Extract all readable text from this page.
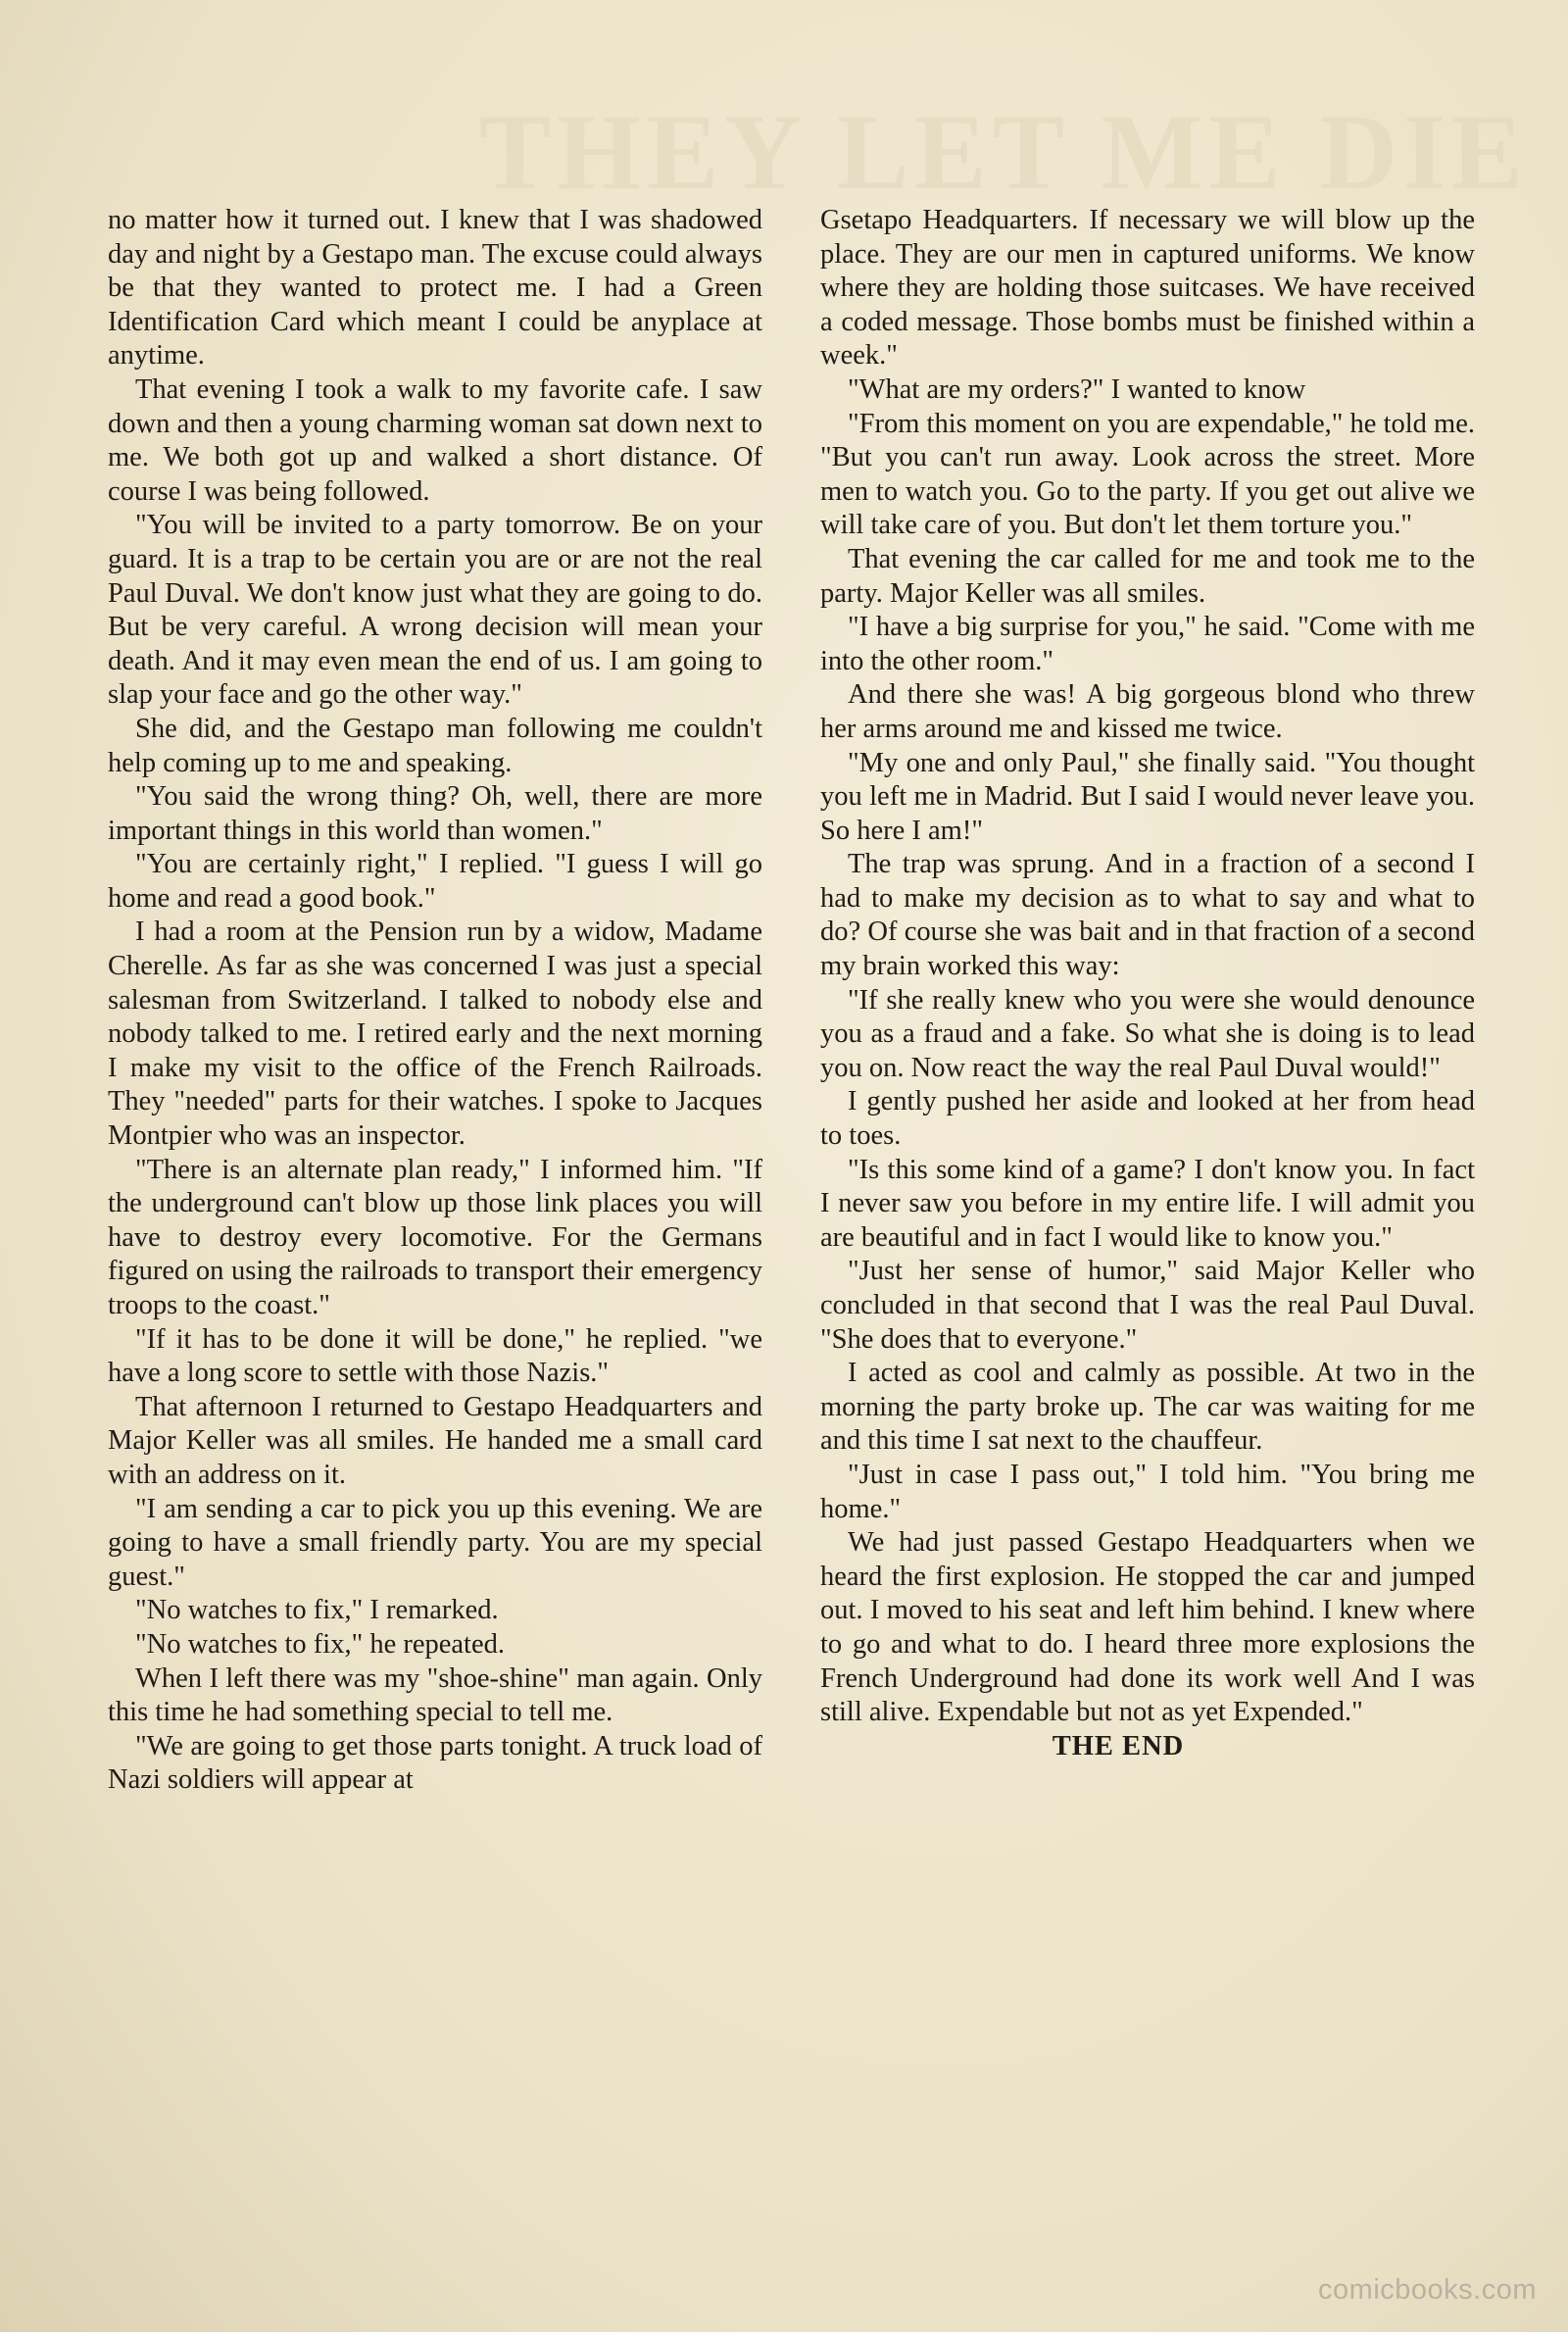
THEY LET ME DIE

no matter how it turned out. I knew that I was shadowed day and night by a Gestapo man. The excuse could always be that they wanted to protect me. I had a Green Identification Card which meant I could be anyplace at anytime.

That evening I took a walk to my favorite cafe. I saw down and then a young charming woman sat down next to me. We both got up and walked a short distance. Of course I was being followed.

"You will be invited to a party tomorrow. Be on your guard. It is a trap to be certain you are or are not the real Paul Duval. We don't know just what they are going to do. But be very careful. A wrong decision will mean your death. And it may even mean the end of us. I am going to slap your face and go the other way."

She did, and the Gestapo man following me couldn't help coming up to me and speaking.

"You said the wrong thing? Oh, well, there are more important things in this world than women."

"You are certainly right," I replied. "I guess I will go home and read a good book."

I had a room at the Pension run by a widow, Madame Cherelle. As far as she was concerned I was just a special salesman from Switzerland. I talked to nobody else and nobody talked to me. I retired early and the next morning I make my visit to the office of the French Railroads. They "needed" parts for their watches. I spoke to Jacques Montpier who was an inspector.

"There is an alternate plan ready," I informed him. "If the underground can't blow up those link places you will have to destroy every locomotive. For the Germans figured on using the railroads to transport their emergency troops to the coast."

"If it has to be done it will be done," he replied. "we have a long score to settle with those Nazis."

That afternoon I returned to Gestapo Headquarters and Major Keller was all smiles. He handed me a small card with an address on it.

"I am sending a car to pick you up this evening. We are going to have a small friendly party. You are my special guest."

"No watches to fix," I remarked.

"No watches to fix," he repeated.

When I left there was my "shoe-shine" man again. Only this time he had something special to tell me.

"We are going to get those parts tonight. A truck load of Nazi soldiers will appear at

Gsetapo Headquarters. If necessary we will blow up the place. They are our men in captured uniforms. We know where they are holding those suitcases. We have received a coded message. Those bombs must be finished within a week."

"What are my orders?" I wanted to know

"From this moment on you are expendable," he told me. "But you can't run away. Look across the street. More men to watch you. Go to the party. If you get out alive we will take care of you. But don't let them torture you."

That evening the car called for me and took me to the party. Major Keller was all smiles.

"I have a big surprise for you," he said. "Come with me into the other room."

And there she was! A big gorgeous blond who threw her arms around me and kissed me twice.

"My one and only Paul," she finally said. "You thought you left me in Madrid. But I said I would never leave you. So here I am!"

The trap was sprung. And in a fraction of a second I had to make my decision as to what to say and what to do? Of course she was bait and in that fraction of a second my brain worked this way:

"If she really knew who you were she would denounce you as a fraud and a fake. So what she is doing is to lead you on. Now react the way the real Paul Duval would!"

I gently pushed her aside and looked at her from head to toes.

"Is this some kind of a game? I don't know you. In fact I never saw you before in my entire life. I will admit you are beautiful and in fact I would like to know you."

"Just her sense of humor," said Major Keller who concluded in that second that I was the real Paul Duval. "She does that to everyone."

I acted as cool and calmly as possible. At two in the morning the party broke up. The car was waiting for me and this time I sat next to the chauffeur.

"Just in case I pass out," I told him. "You bring me home."

We had just passed Gestapo Headquarters when we heard the first explosion. He stopped the car and jumped out. I moved to his seat and left him behind. I knew where to go and what to do. I heard three more explosions the French Underground had done its work well And I was still alive. Expendable but not as yet Expended."

THE END

comicbooks.com
